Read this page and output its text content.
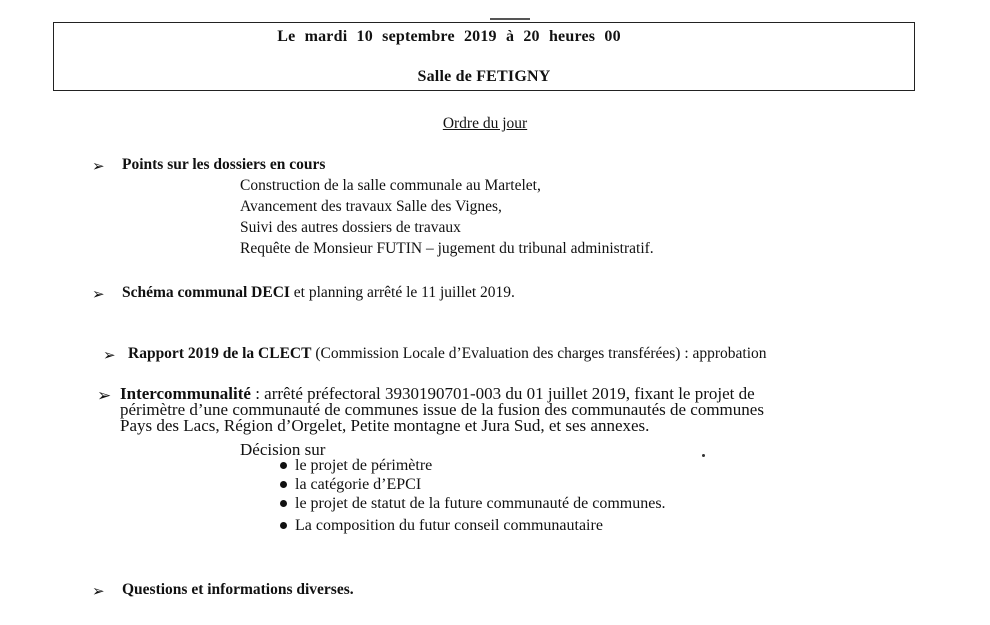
Le mardi 10 septembre 2019 à 20 heures 00
Salle de FETIGNY
Ordre du jour
➢ Points sur les dossiers en cours
Construction de la salle communale au Martelet,
Avancement des travaux Salle des Vignes,
Suivi des autres dossiers de travaux
Requête de Monsieur FUTIN – jugement du tribunal administratif.
➢ Schéma communal DECI et planning arrêté le 11 juillet 2019.
➢ Rapport 2019 de la CLECT (Commission Locale d’Evaluation des charges transférées) : approbation
➢ Intercommunalité : arrêté préfectoral 3930190701-003 du 01 juillet 2019, fixant le projet de
périmètre d’une communauté de communes issue de la fusion des communautés de communes
Pays des Lacs, Région d’Orgelet, Petite montagne et Jura Sud, et ses annexes.
Décision sur
le projet de périmètre
la catégorie d’EPCI
le projet de statut de la future communauté de communes.
La composition du futur conseil communautaire
➢ Questions et informations diverses.
